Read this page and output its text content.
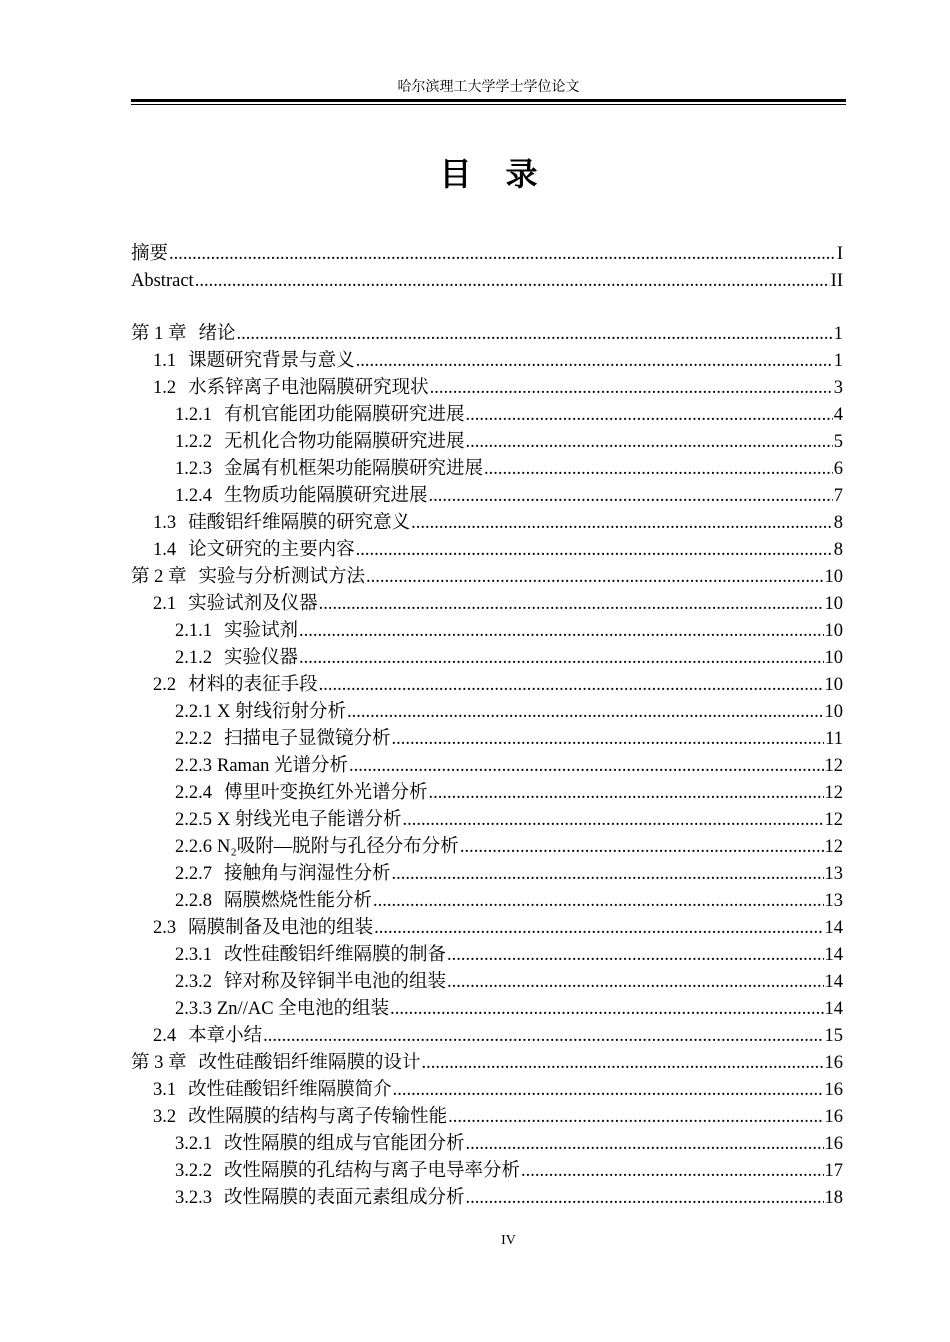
哈尔滨理工大学学士学位论文
目录
摘要 .....	I
Abstract .....	II
第 1 章 绪论 .....	1
1.1 课题研究背景与意义 .....	1
1.2 水系锌离子电池隔膜研究现状 .....	3
1.2.1 有机官能团功能隔膜研究进展 .....	4
1.2.2 无机化合物功能隔膜研究进展 .....	5
1.2.3 金属有机框架功能隔膜研究进展 .....	6
1.2.4 生物质功能隔膜研究进展 .....	7
1.3 硅酸铝纤维隔膜的研究意义 .....	8
1.4 论文研究的主要内容 .....	8
第 2 章 实验与分析测试方法 .....	10
2.1 实验试剂及仪器 .....	10
2.1.1 实验试剂 .....	10
2.1.2 实验仪器 .....	10
2.2 材料的表征手段 .....	10
2.2.1 X 射线衍射分析 .....	10
2.2.2 扫描电子显微镜分析 .....	11
2.2.3 Raman 光谱分析 .....	12
2.2.4 傅里叶变换红外光谱分析 .....	12
2.2.5 X 射线光电子能谱分析 .....	12
2.2.6 N₂吸附—脱附与孔径分布分析 .....	12
2.2.7 接触角与润湿性分析 .....	13
2.2.8 隔膜燃烧性能分析 .....	13
2.3 隔膜制备及电池的组装 .....	14
2.3.1 改性硅酸铝纤维隔膜的制备 .....	14
2.3.2 锌对称及锌铜半电池的组装 .....	14
2.3.3 Zn//AC 全电池的组装 .....	14
2.4 本章小结 .....	15
第 3 章 改性硅酸铝纤维隔膜的设计 .....	16
3.1 改性硅酸铝纤维隔膜简介 .....	16
3.2 改性隔膜的结构与离子传输性能 .....	16
3.2.1 改性隔膜的组成与官能团分析 .....	16
3.2.2 改性隔膜的孔结构与离子电导率分析 .....	17
3.2.3 改性隔膜的表面元素组成分析 .....	18
IV
